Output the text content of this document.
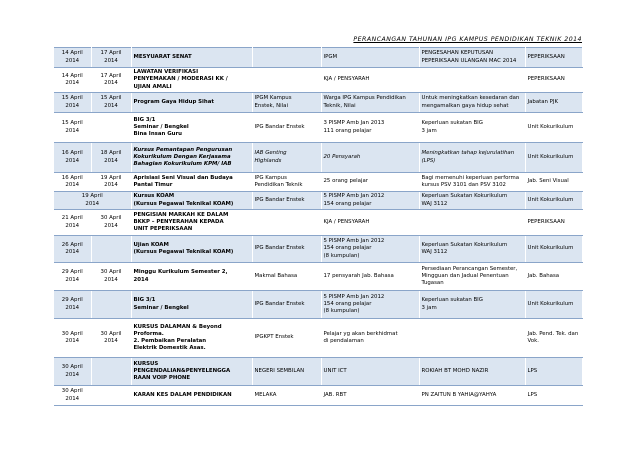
PERANCANGAN TAHUNAN IPG KAMPUS PENDIDIKAN TEKNIK 2014
14 April
2014	17 April
2014	MESYUARAT SENAT		IPGM	PENGESAHAN KEPUTUSAN
PEPERIKSAAN ULANGAN MAC 2014	PEPERIKSAAN

14 April
2014	17 April
2014	LAWATAN VERIFIKASI
PENYEMAKAN / MODERASI KK /
UJIAN AMALI		KJA / PENSYARAH		PEPERIKSAAN

15 April
2014	15 April
2014	Program Gaya Hidup Sihat	IPGM Kampus
Enstek, Nilai	Warga IPG Kampus Pendidikan
Teknik, Nilai	Untuk meningkatkan kesedaran dan
mengamalkan gaya hidup sehat	Jabatan PJK

15 April
2014		BIG 3/1
Seminar / Bengkel
Bina Insan Guru	IPG Bandar Enstek	3 PISMP Amb Jan 2013
111 orang pelajar	Keperluan sukatan BIG
3 jam	Unit Kokurikulum

16 April
2014	18 April
2014	Kursus Pemantapan Pengurusan
Kokurikulum Dengan Kerjasama
Bahagian Kokurikulum KPM/ IAB	IAB Genting
Highlands	20 Pensyarah	Meningkatkan tahap kejurulatihan
(LPS)	Unit Kokurikulum

16 April
2014	19 April
2014	Aprisiasi Seni Visual dan Budaya
Pantai Timur	IPG Kampus
Pendidikan Teknik	25 orang pelajar	Bagi memenuhi keperluan performa
kursus PSV 3101 dan PSV 3102	Jab. Seni Visual

19 April
2014		Kursus KOAM
(Kursus Pegawai Teknikal KOAM)	IPG Bandar Enstek	5 PISMP Amb Jan 2012
154 orang pelajar	Keperluan Sukatan Kokurikulum
WAJ 3112	Unit Kokurikulum

21 April
2014	30 April
2014	PENGISIAN MARKAH KE DALAM
BKKP – PENYERAHAN KEPADA
UNIT PEPERIKSAAN		KJA / PENSYARAH		PEPERIKSAAN

26 April
2014		Ujian KOAM
(Kursus Pegawai Teknikal KOAM)	IPG Bandar Enstek	5 PISMP Amb Jan 2012
154 orang pelajar
(8 kumpulan)	Keperluan Sukatan Kokurikulum
WAJ 3112	Unit Kokurikulum

29 April
2014	30 April
2014	Minggu Kurikulum Semester 2,
2014	Makmal Bahasa	17 pensyarah Jab. Bahasa	Persediaan Perancangan Semester,
Mingguan dan Jadual Penentuan
Tugasan	Jab. Bahasa

29 April
2014		BIG 3/1
Seminar / Bengkel	IPG Bandar Enstek	5 PISMP Amb Jan 2012
154 orang pelajar
(8 kumpulan)	Keperluan sukatan BIG
3 jam	Unit Kokurikulum

30 April
2014	30 April
2014	KURSUS DALAMAN & Beyond
Proforma.
2. Pembaikan Peralatan
Elektrik Domestik Asas.	IPGKPT Enstek	Pelajar yg akan berkhidmat
di pendalaman		Jab. Pend. Tek. dan
Vok.

30 April
2014		KURSUS
PENGENDALIAN&PENYELENGGA
RAAN VOIP PHONE	NEGERI SEMBILAN	UNIT ICT	ROKIAH BT MOHD NAZIR	LPS

30 April
2014		KARAN KES DALAM PENDIDIKAN	MELAKA	JAB. RBT	PN ZAITUN B YAHIA@YAHYA	LPS
